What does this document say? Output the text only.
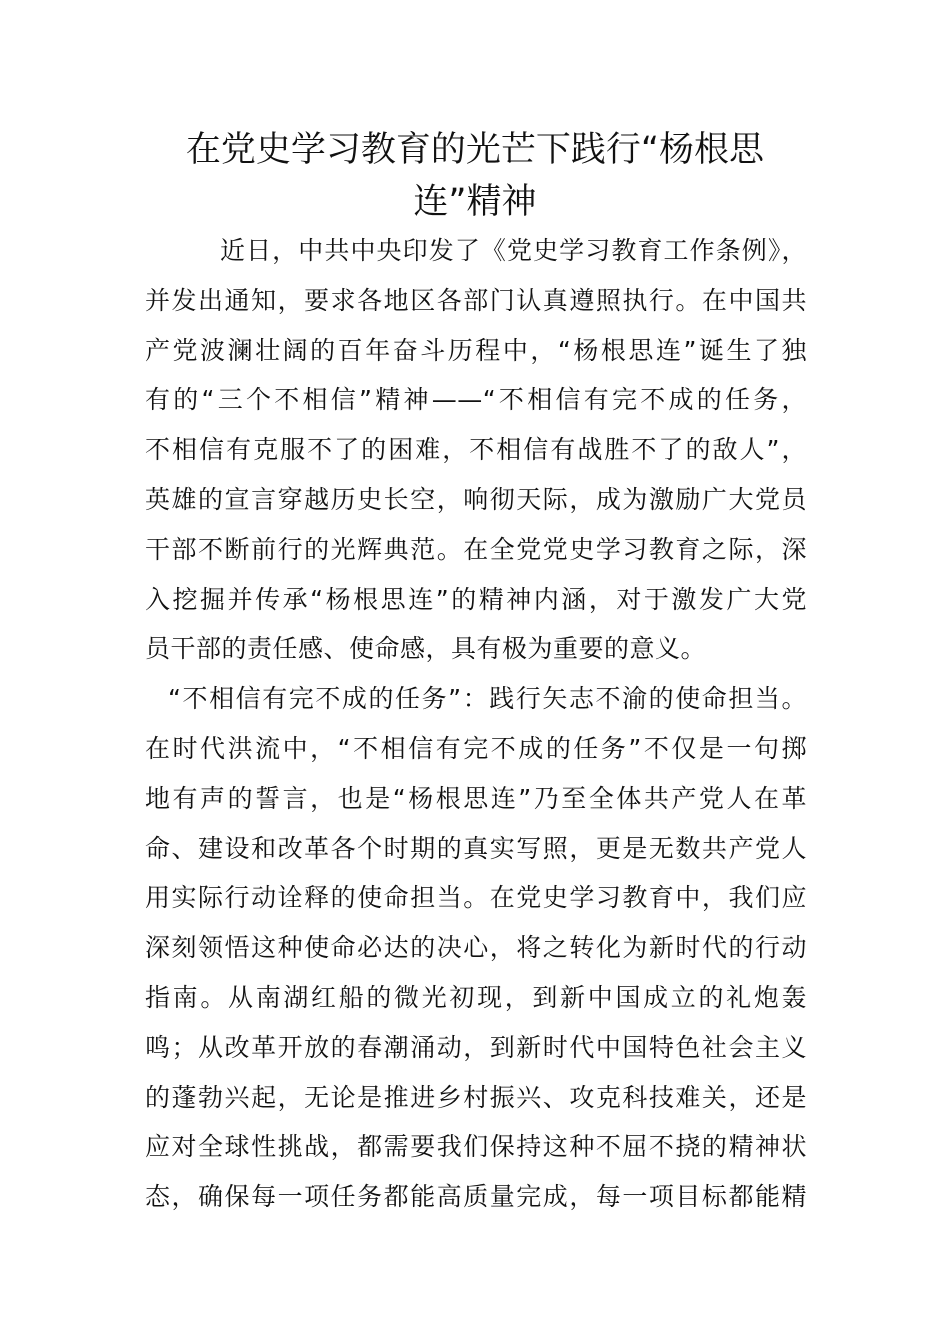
在党史学习教育的光芒下践行“杨根思
连”精神
近日，中共中央印发了《党史学习教育工作条例》，
并发出通知，要求各地区各部门认真遵照执行。在中国共
产党波澜壮阔的百年奋斗历程中，“杨根思连”诞生了独
有的“三个不相信”精神——“不相信有完不成的任务，
不相信有克服不了的困难，不相信有战胜不了的敌人”，
英雄的宣言穿越历史长空，响彻天际，成为激励广大党员
干部不断前行的光辉典范。在全党党史学习教育之际，深
入挖掘并传承“杨根思连”的精神内涵，对于激发广大党
员干部的责任感、使命感，具有极为重要的意义。
“不相信有完不成的任务”：践行矢志不渝的使命担当。
在时代洪流中，“不相信有完不成的任务”不仅是一句掷
地有声的誓言，也是“杨根思连”乃至全体共产党人在革
命、建设和改革各个时期的真实写照，更是无数共产党人
用实际行动诠释的使命担当。在党史学习教育中，我们应
深刻领悟这种使命必达的决心，将之转化为新时代的行动
指南。从南湖红船的微光初现，到新中国成立的礼炮轰
鸣；从改革开放的春潮涌动，到新时代中国特色社会主义
的蓬勃兴起，无论是推进乡村振兴、攻克科技难关，还是
应对全球性挑战，都需要我们保持这种不屈不挠的精神状
态，确保每一项任务都能高质量完成，每一项目标都能精
